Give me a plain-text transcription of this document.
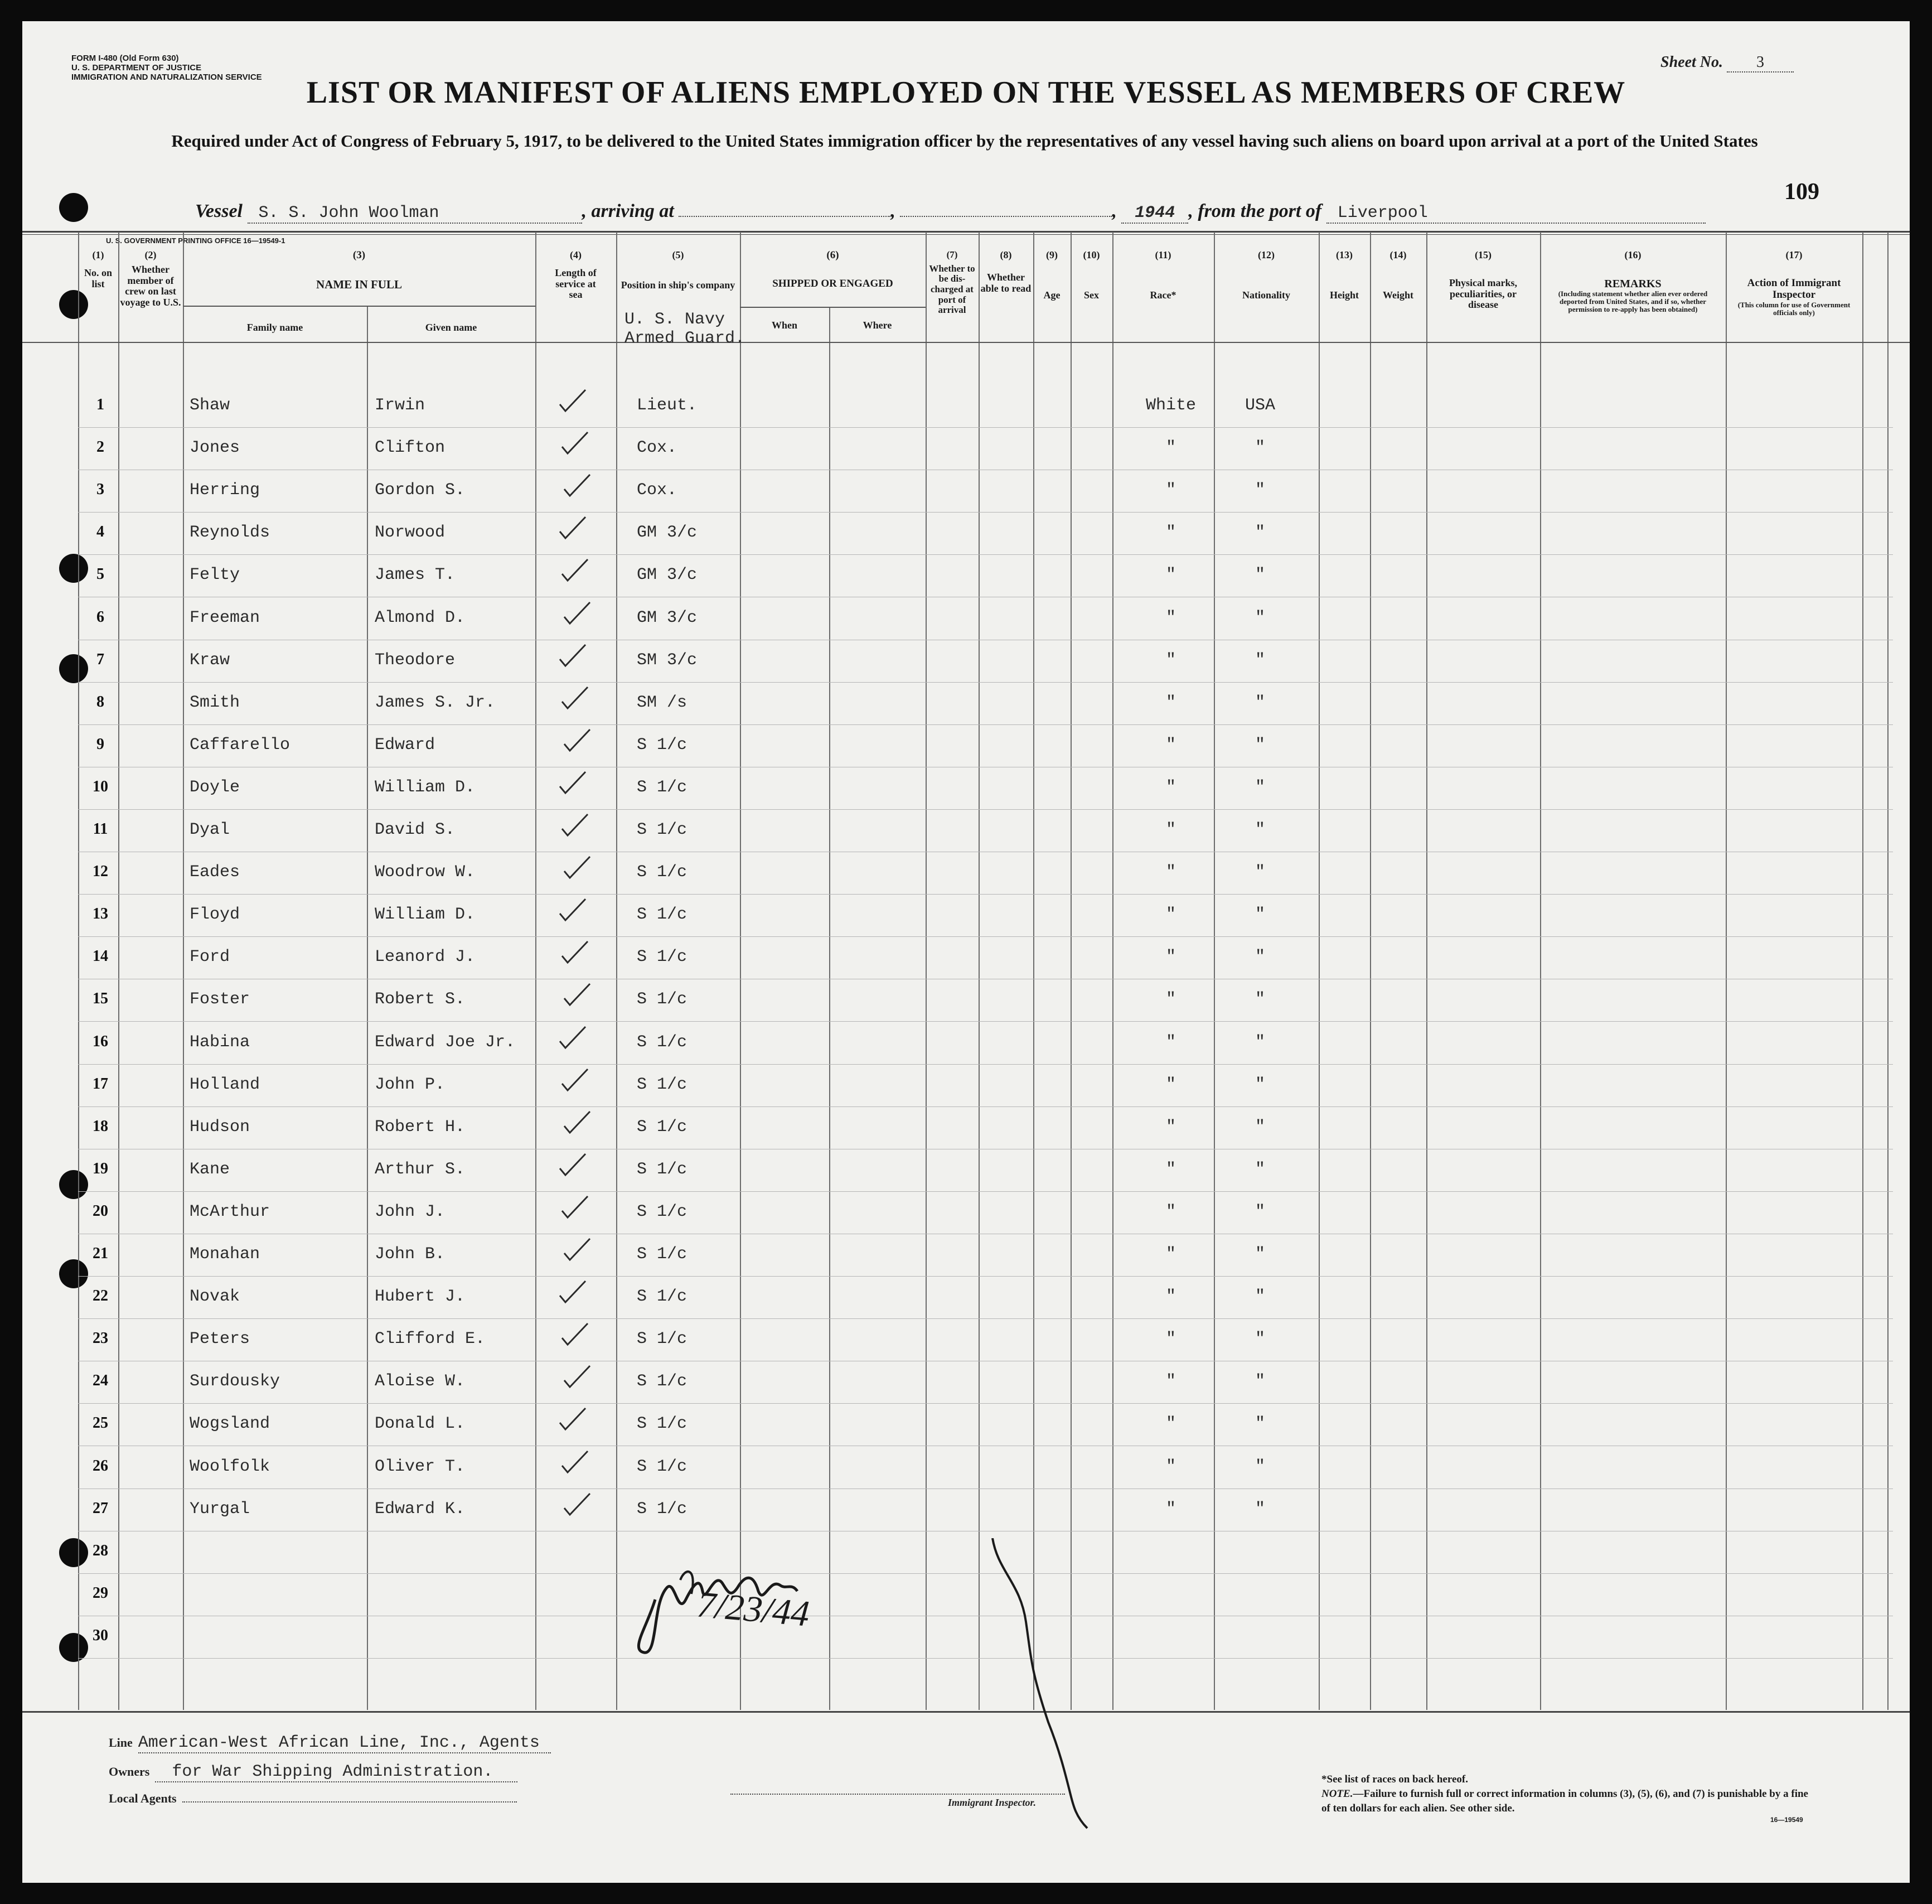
FORM I-480 (Old Form 630)
U. S. DEPARTMENT OF JUSTICE
IMMIGRATION AND NATURALIZATION SERVICE	LIST OR MANIFEST OF ALIENS EMPLOYED ON THE VESSEL AS MEMBERS OF CREW
Required under Act of Congress of February 5, 1917, to be delivered to the United States immigration officer by the representatives of any vessel having such aliens on board upon arrival at a port of the United States
Sheet No. 3
109
Vessel S. S. John Woolman	, arriving at	,	, 1944 , from the port of Liverpool
U. S. GOVERNMENT PRINTING OFFICE 16—19549-1
(1)
No. on list
(2)
Whether member of crew on last voyage to U.S.
(3)
NAME IN FULL
Family name	Given name
(4)
Length of service at sea
(5)
Position in ship's company
(6)
SHIPPED OR ENGAGED
When	Where
(7)
Whether to be dis-charged at port of arrival
(8)
Whether able to read
(9)
Age
(10)
Sex
(11)
Race*
(12)
Nationality
(13)
Height
(14)
Weight
(15)
Physical marks, peculiarities, or disease
(16)
REMARKS
(Including statement whether alien ever ordered deported from United States, and if so, whether permission to re-apply has been obtained)
(17)
Action of Immigrant Inspector
(This column for use of Government officials only)
U. S. Navy
Armed Guard.
1	Shaw	Irwin	Lieut.	White	USA
2	Jones	Clifton	Cox.	"	"
3	Herring	Gordon S.	Cox.	"	"
4	Reynolds	Norwood	GM 3/c	"	"
5	Felty	James T.	GM 3/c	"	"
6	Freeman	Almond D.	GM 3/c	"	"
7	Kraw	Theodore	SM 3/c	"	"
8	Smith	James S. Jr.	SM /s	"	"
9	Caffarello	Edward	S 1/c	"	"
10	Doyle	William D.	S 1/c	"	"
11	Dyal	David S.	S 1/c	"	"
12	Eades	Woodrow W.	S 1/c	"	"
13	Floyd	William D.	S 1/c	"	"
14	Ford	Leanord J.	S 1/c	"	"
15	Foster	Robert S.	S 1/c	"	"
16	Habina	Edward Joe Jr.	S 1/c	"	"
17	Holland	John P.	S 1/c	"	"
18	Hudson	Robert H.	S 1/c	"	"
19	Kane	Arthur S.	S 1/c	"	"
20	McArthur	John J.	S 1/c	"	"
21	Monahan	John B.	S 1/c	"	"
22	Novak	Hubert J.	S 1/c	"	"
23	Peters	Clifford E.	S 1/c	"	"
24	Surdousky	Aloise W.	S 1/c	"	"
25	Wogsland	Donald L.	S 1/c	"	"
26	Woolfolk	Oliver T.	S 1/c	"	"
27	Yurgal	Edward K.	S 1/c	"	"
28
29
30
7/23/44
Line American-West African Line, Inc., Agents
Owners for War Shipping Administration.
Local Agents	Immigrant Inspector.
*See list of races on back hereof.
NOTE.—Failure to furnish full or correct information in columns (3), (5), (6), and (7) is punishable by a fine of ten dollars for each alien. See other side.
16—19549
